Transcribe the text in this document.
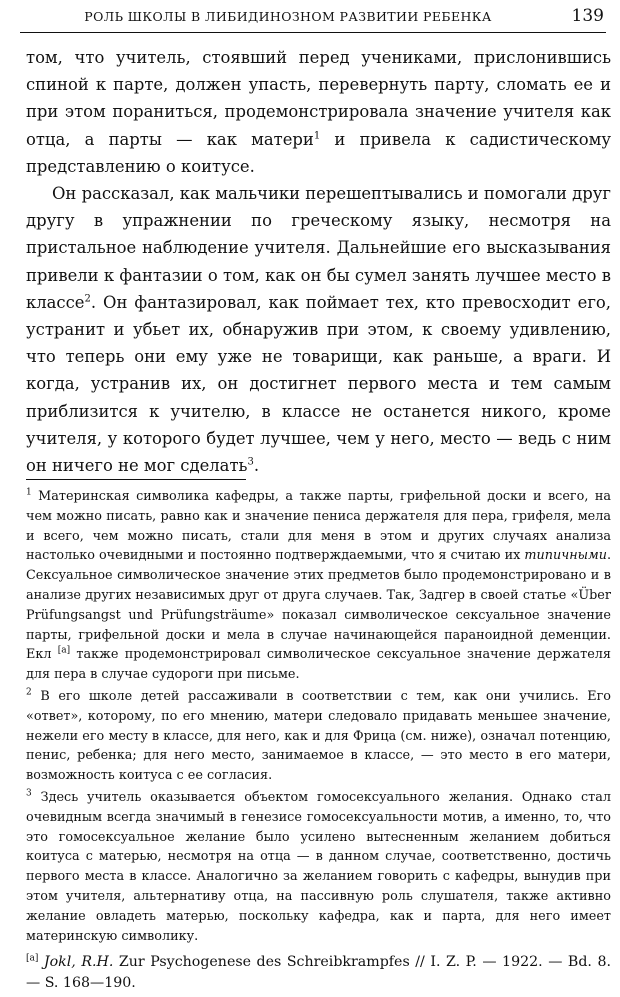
РОЛЬ ШКОЛЫ В ЛИБИДИНОЗНОМ РАЗВИТИИ РЕБЕНКА	139

том, что учитель, стоявший перед учениками, прислонившись спиной к парте, должен упасть, перевернуть парту, сломать ее и при этом пораниться, продемонстрировала значение учителя как отца, а парты — как матери$^1$ и привела к садистическому представлению о коитусе.

Он рассказал, как мальчики перешептывались и помогали друг другу в упражнении по греческому языку, несмотря на пристальное наблюдение учителя. Дальнейшие его высказывания привели к фантазии о том, как он бы сумел занять лучшее место в классе$^2$. Он фантазировал, как поймает тех, кто превосходит его, устранит и убьет их, обнаружив при этом, к своему удивлению, что теперь они ему уже не товарищи, как раньше, а враги. И когда, устранив их, он достигнет первого места и тем самым приблизится к учителю, в классе не останется никого, кроме учителя, у которого будет лучшее, чем у него, место — ведь с ним он ничего не мог сделать$^3$.

$^1$ Материнская символика кафедры, а также парты, грифельной доски и всего, на чем можно писать, равно как и значение пениса держателя для пера, грифеля, мела и всего, чем можно писать, стали для меня в этом и других случаях анализа настолько очевидными и постоянно подтверждаемыми, что я считаю их типичными. Сексуальное символическое значение этих предметов было продемонстрировано и в анализе других независимых друг от друга случаев. Так, Задгер в своей статье «Über Prüfungsangst und Prüfungsträume» показал символическое сексуальное значение парты, грифельной доски и мела в случае начинающейся параноидной деменции. Екл [a] также продемонстрировал символическое сексуальное значение держателя для пера в случае судороги при письме.

$^2$ В его школе детей рассаживали в соответствии с тем, как они учились. Его «ответ», которому, по его мнению, матери следовало придавать меньшее значение, нежели его месту в классе, для него, как и для Фрица (см. ниже), означал потенцию, пенис, ребенка; для него место, занимаемое в классе, — это место в его матери, возможность коитуса с ее согласия.

$^3$ Здесь учитель оказывается объектом гомосексуального желания. Однако стал очевидным всегда значимый в генезисе гомосексуальности мотив, а именно, то, что это гомосексуальное желание было усилено вытесненным желанием добиться коитуса с матерью, несмотря на отца — в данном случае, соответственно, достичь первого места в классе. Аналогично за желанием говорить с кафедры, вынудив при этом учителя, альтернативу отца, на пассивную роль слушателя, также активно желание овладеть матерью, поскольку кафедра, как и парта, для него имеет материнскую символику.

[a] Jokl, R.H. Zur Psychogenese des Schreibkrampfes // I. Z. P. — 1922. — Bd. 8. — S. 168—190.
